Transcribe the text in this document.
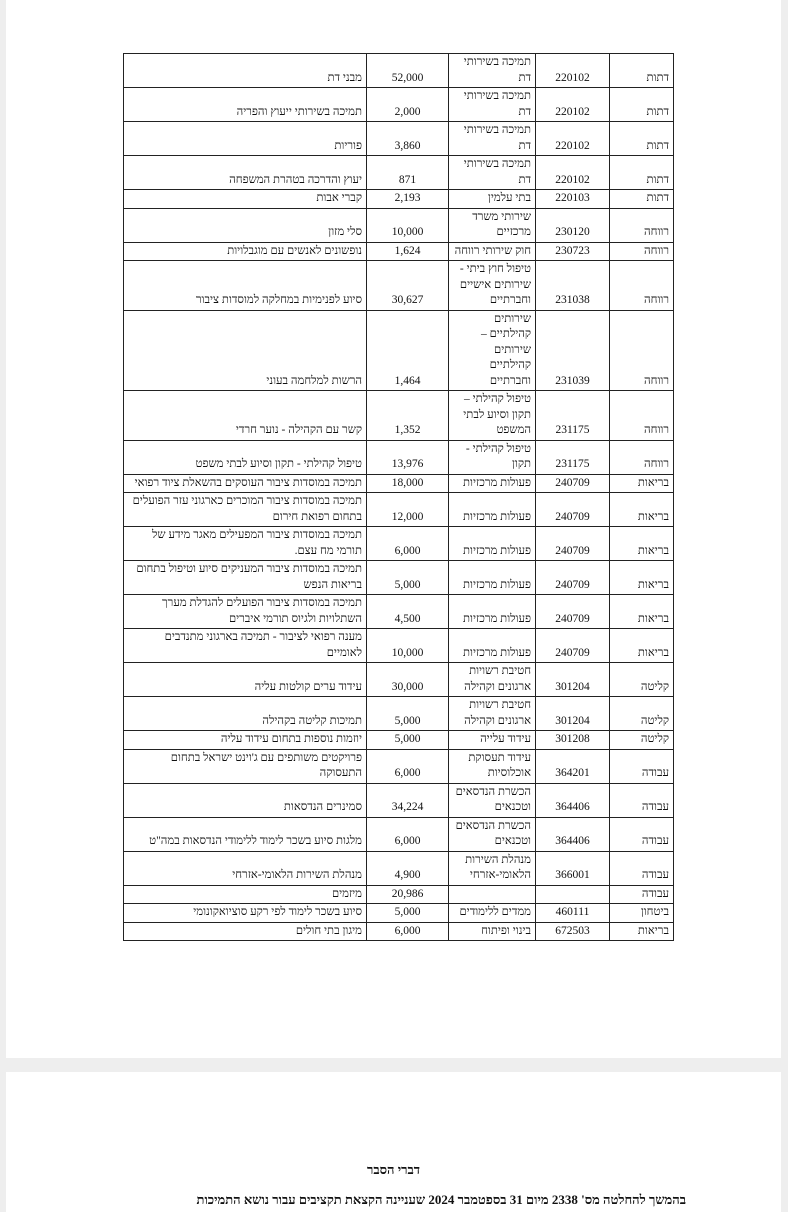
דתות	220102	תמיכה בשירותי דת	52,000	מבני דת
דתות	220102	תמיכה בשירותי דת	2,000	תמיכה בשירותי ייעוץ והפריה
דתות	220102	תמיכה בשירותי דת	3,860	פוריות
דתות	220102	תמיכה בשירותי דת	871	יעוץ והדרכה בטהרת המשפחה
דתות	220103	בתי עלמין	2,193	קברי אבות
רווחה	230120	שירותי משרד מרכזיים	10,000	סלי מזון
רווחה	230723	חוק שירותי רווחה	1,624	נופשונים לאנשים עם מוגבלויות
רווחה	231038	טיפול חוץ ביתי -שירותים אישיים וחברתיים	30,627	סיוע לפנימיות במחלקה למוסדות ציבור
רווחה	231039	שירותים קהילתיים – שירותים קהילתיים וחברתיים	1,464	הרשות למלחמה בעוני
רווחה	231175	טיפול קהילתי – תקון וסיוע לבתי המשפט	1,352	קשר עם הקהילה - נוער חרדי
רווחה	231175	טיפול קהילתי - תקון	13,976	טיפול קהילתי - תקון וסיוע לבתי משפט
בריאות	240709	פעולות מרכזיות	18,000	תמיכה במוסדות ציבור העוסקים בהשאלת ציוד רפואי
בריאות	240709	פעולות מרכזיות	12,000	תמיכה במוסדות ציבור המוכרים כארגוני עזר הפועלים בתחום רפואת חירום
בריאות	240709	פעולות מרכזיות	6,000	תמיכה במוסדות ציבור המפעילים מאגר מידע של תורמי מח עצם.
בריאות	240709	פעולות מרכזיות	5,000	תמיכה במוסדות ציבור המעניקים סיוע וטיפול בתחום בריאות הנפש
בריאות	240709	פעולות מרכזיות	4,500	תמיכה במוסדות ציבור הפועלים להגדלת מערך השתלויות ולגיוס תורמי איברים
בריאות	240709	פעולות מרכזיות	10,000	מענה רפואי לציבור - תמיכה בארגוני מתנדבים לאומיים
קליטה	301204	חטיבת רשויות ארגונים וקהילה	30,000	עידוד ערים קולטות עליה
קליטה	301204	חטיבת רשויות ארגונים וקהילה	5,000	תמיכות קליטה בקהילה
קליטה	301208	עידוד עלייה	5,000	יוזמות נוספות בתחום עידוד עליה
עבודה	364201	עידוד תעסוקת אוכלוסיות	6,000	פרויקטים משותפים עם ג'וינט ישראל בתחום התעסוקה
עבודה	364406	הכשרת הנדסאים וטכנאים	34,224	סמינרים הנדסאות
עבודה	364406	הכשרת הנדסאים וטכנאים	6,000	מלגות סיוע בשכר לימוד ללימודי הנדסאות במה"ט
עבודה	366001	מנהלת השירות הלאומי-אזרחי	4,900	מנהלת השירות הלאומי-אזרחי
עבודה			20,986	מיזמים
ביטחון	460111	ממדים ללימודים	5,000	סיוע בשכר לימוד לפי רקע סוציואקונומי
בריאות	672503	בינוי ופיתוח	6,000	מיגון בתי חולים
דברי הסבר
בהמשך להחלטה מס' 2338 מיום 31 בספטמבר 2024 שעניינה הקצאת תקציבים עבור נושא התמיכות
